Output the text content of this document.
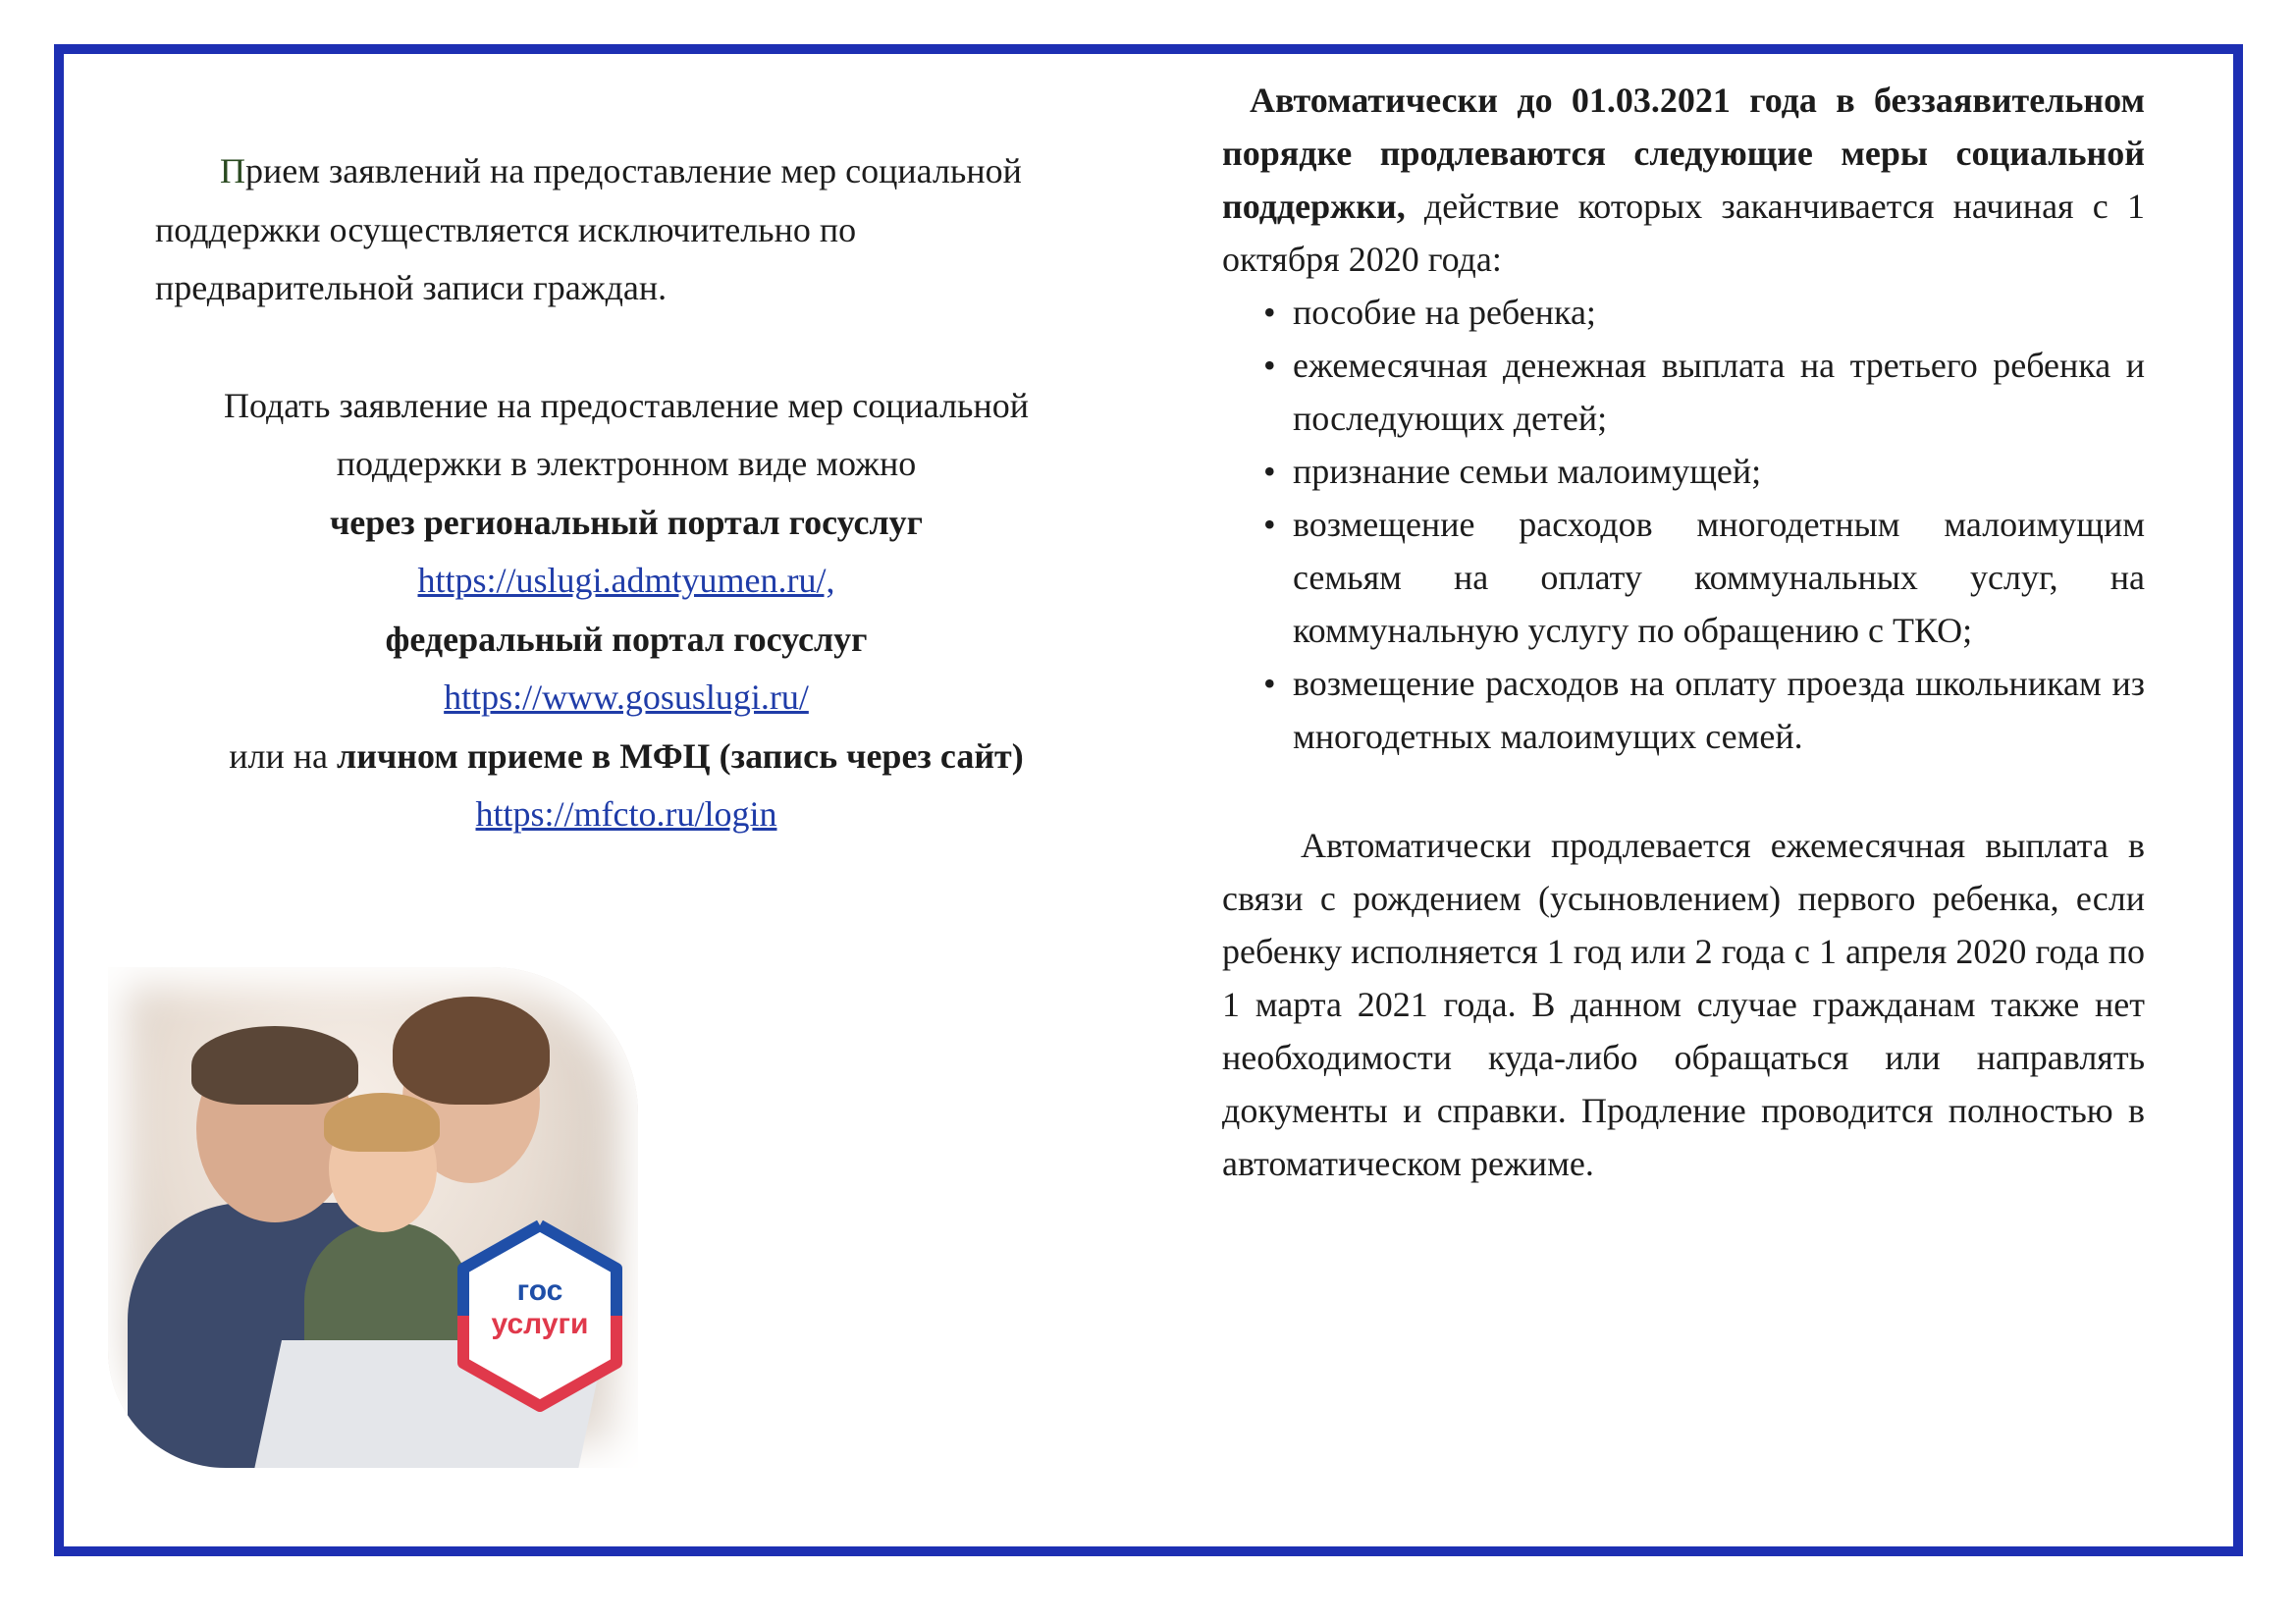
Прием заявлений на предоставление мер социальной поддержки осуществляется исключительно по предварительной записи граждан.

Подать заявление на предоставление мер социальной поддержки в электронном виде можно

через региональный портал госуслуг

https://uslugi.admtyumen.ru/,

федеральный портал госуслуг

https://www.gosuslugi.ru/

или на личном приеме в МФЦ (запись через сайт) https://mfcto.ru/login

гос
услуги

Автоматически до 01.03.2021 года в беззаявительном порядке продлеваются следующие меры социальной поддержки, действие которых заканчивается начиная с 1 октября 2020 года:

• пособие на ребенка;
• ежемесячная денежная выплата на третьего ребенка и последующих детей;
• признание семьи малоимущей;
• возмещение расходов многодетным малоимущим семьям на оплату коммунальных услуг, на коммунальную услугу по обращению с ТКО;
• возмещение расходов на оплату проезда школьникам из многодетных малоимущих семей.

Автоматически продлевается ежемесячная выплата в связи с рождением (усыновлением) первого ребенка, если ребенку исполняется 1 год или 2 года с 1 апреля 2020 года по 1 марта 2021 года. В данном случае гражданам также нет необходимости куда-либо обращаться или направлять документы и справки. Продление проводится полностью в автоматическом режиме.
